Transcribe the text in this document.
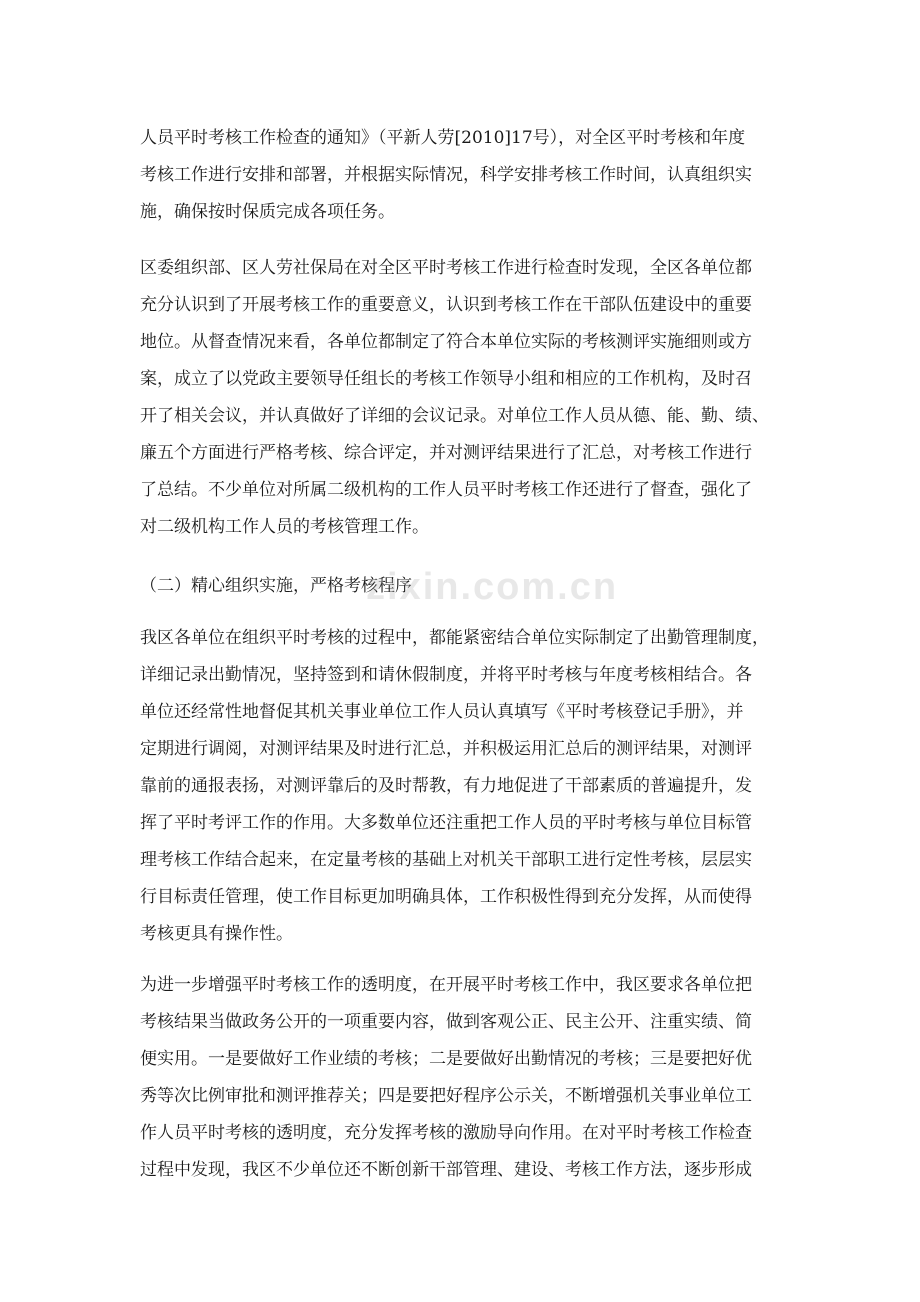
人员平时考核工作检查的通知》（平新人劳[2010]17号），对全区平时考核和年度
考核工作进行安排和部署，并根据实际情况，科学安排考核工作时间，认真组织实
施，确保按时保质完成各项任务。
区委组织部、区人劳社保局在对全区平时考核工作进行检查时发现，全区各单位都
充分认识到了开展考核工作的重要意义，认识到考核工作在干部队伍建设中的重要
地位。从督查情况来看，各单位都制定了符合本单位实际的考核测评实施细则或方
案，成立了以党政主要领导任组长的考核工作领导小组和相应的工作机构，及时召
开了相关会议，并认真做好了详细的会议记录。对单位工作人员从德、能、勤、绩、
廉五个方面进行严格考核、综合评定，并对测评结果进行了汇总，对考核工作进行
了总结。不少单位对所属二级机构的工作人员平时考核工作还进行了督查，强化了
对二级机构工作人员的考核管理工作。
（二）精心组织实施，严格考核程序
zixin.com.cn
我区各单位在组织平时考核的过程中，都能紧密结合单位实际制定了出勤管理制度，
详细记录出勤情况，坚持签到和请休假制度，并将平时考核与年度考核相结合。各
单位还经常性地督促其机关事业单位工作人员认真填写《平时考核登记手册》，并
定期进行调阅，对测评结果及时进行汇总，并积极运用汇总后的测评结果，对测评
靠前的通报表扬，对测评靠后的及时帮教，有力地促进了干部素质的普遍提升，发
挥了平时考评工作的作用。大多数单位还注重把工作人员的平时考核与单位目标管
理考核工作结合起来，在定量考核的基础上对机关干部职工进行定性考核，层层实
行目标责任管理，使工作目标更加明确具体，工作积极性得到充分发挥，从而使得
考核更具有操作性。
为进一步增强平时考核工作的透明度，在开展平时考核工作中，我区要求各单位把
考核结果当做政务公开的一项重要内容，做到客观公正、民主公开、注重实绩、简
便实用。一是要做好工作业绩的考核；二是要做好出勤情况的考核；三是要把好优
秀等次比例审批和测评推荐关；四是要把好程序公示关，不断增强机关事业单位工
作人员平时考核的透明度，充分发挥考核的激励导向作用。在对平时考核工作检查
过程中发现，我区不少单位还不断创新干部管理、建设、考核工作方法，逐步形成
